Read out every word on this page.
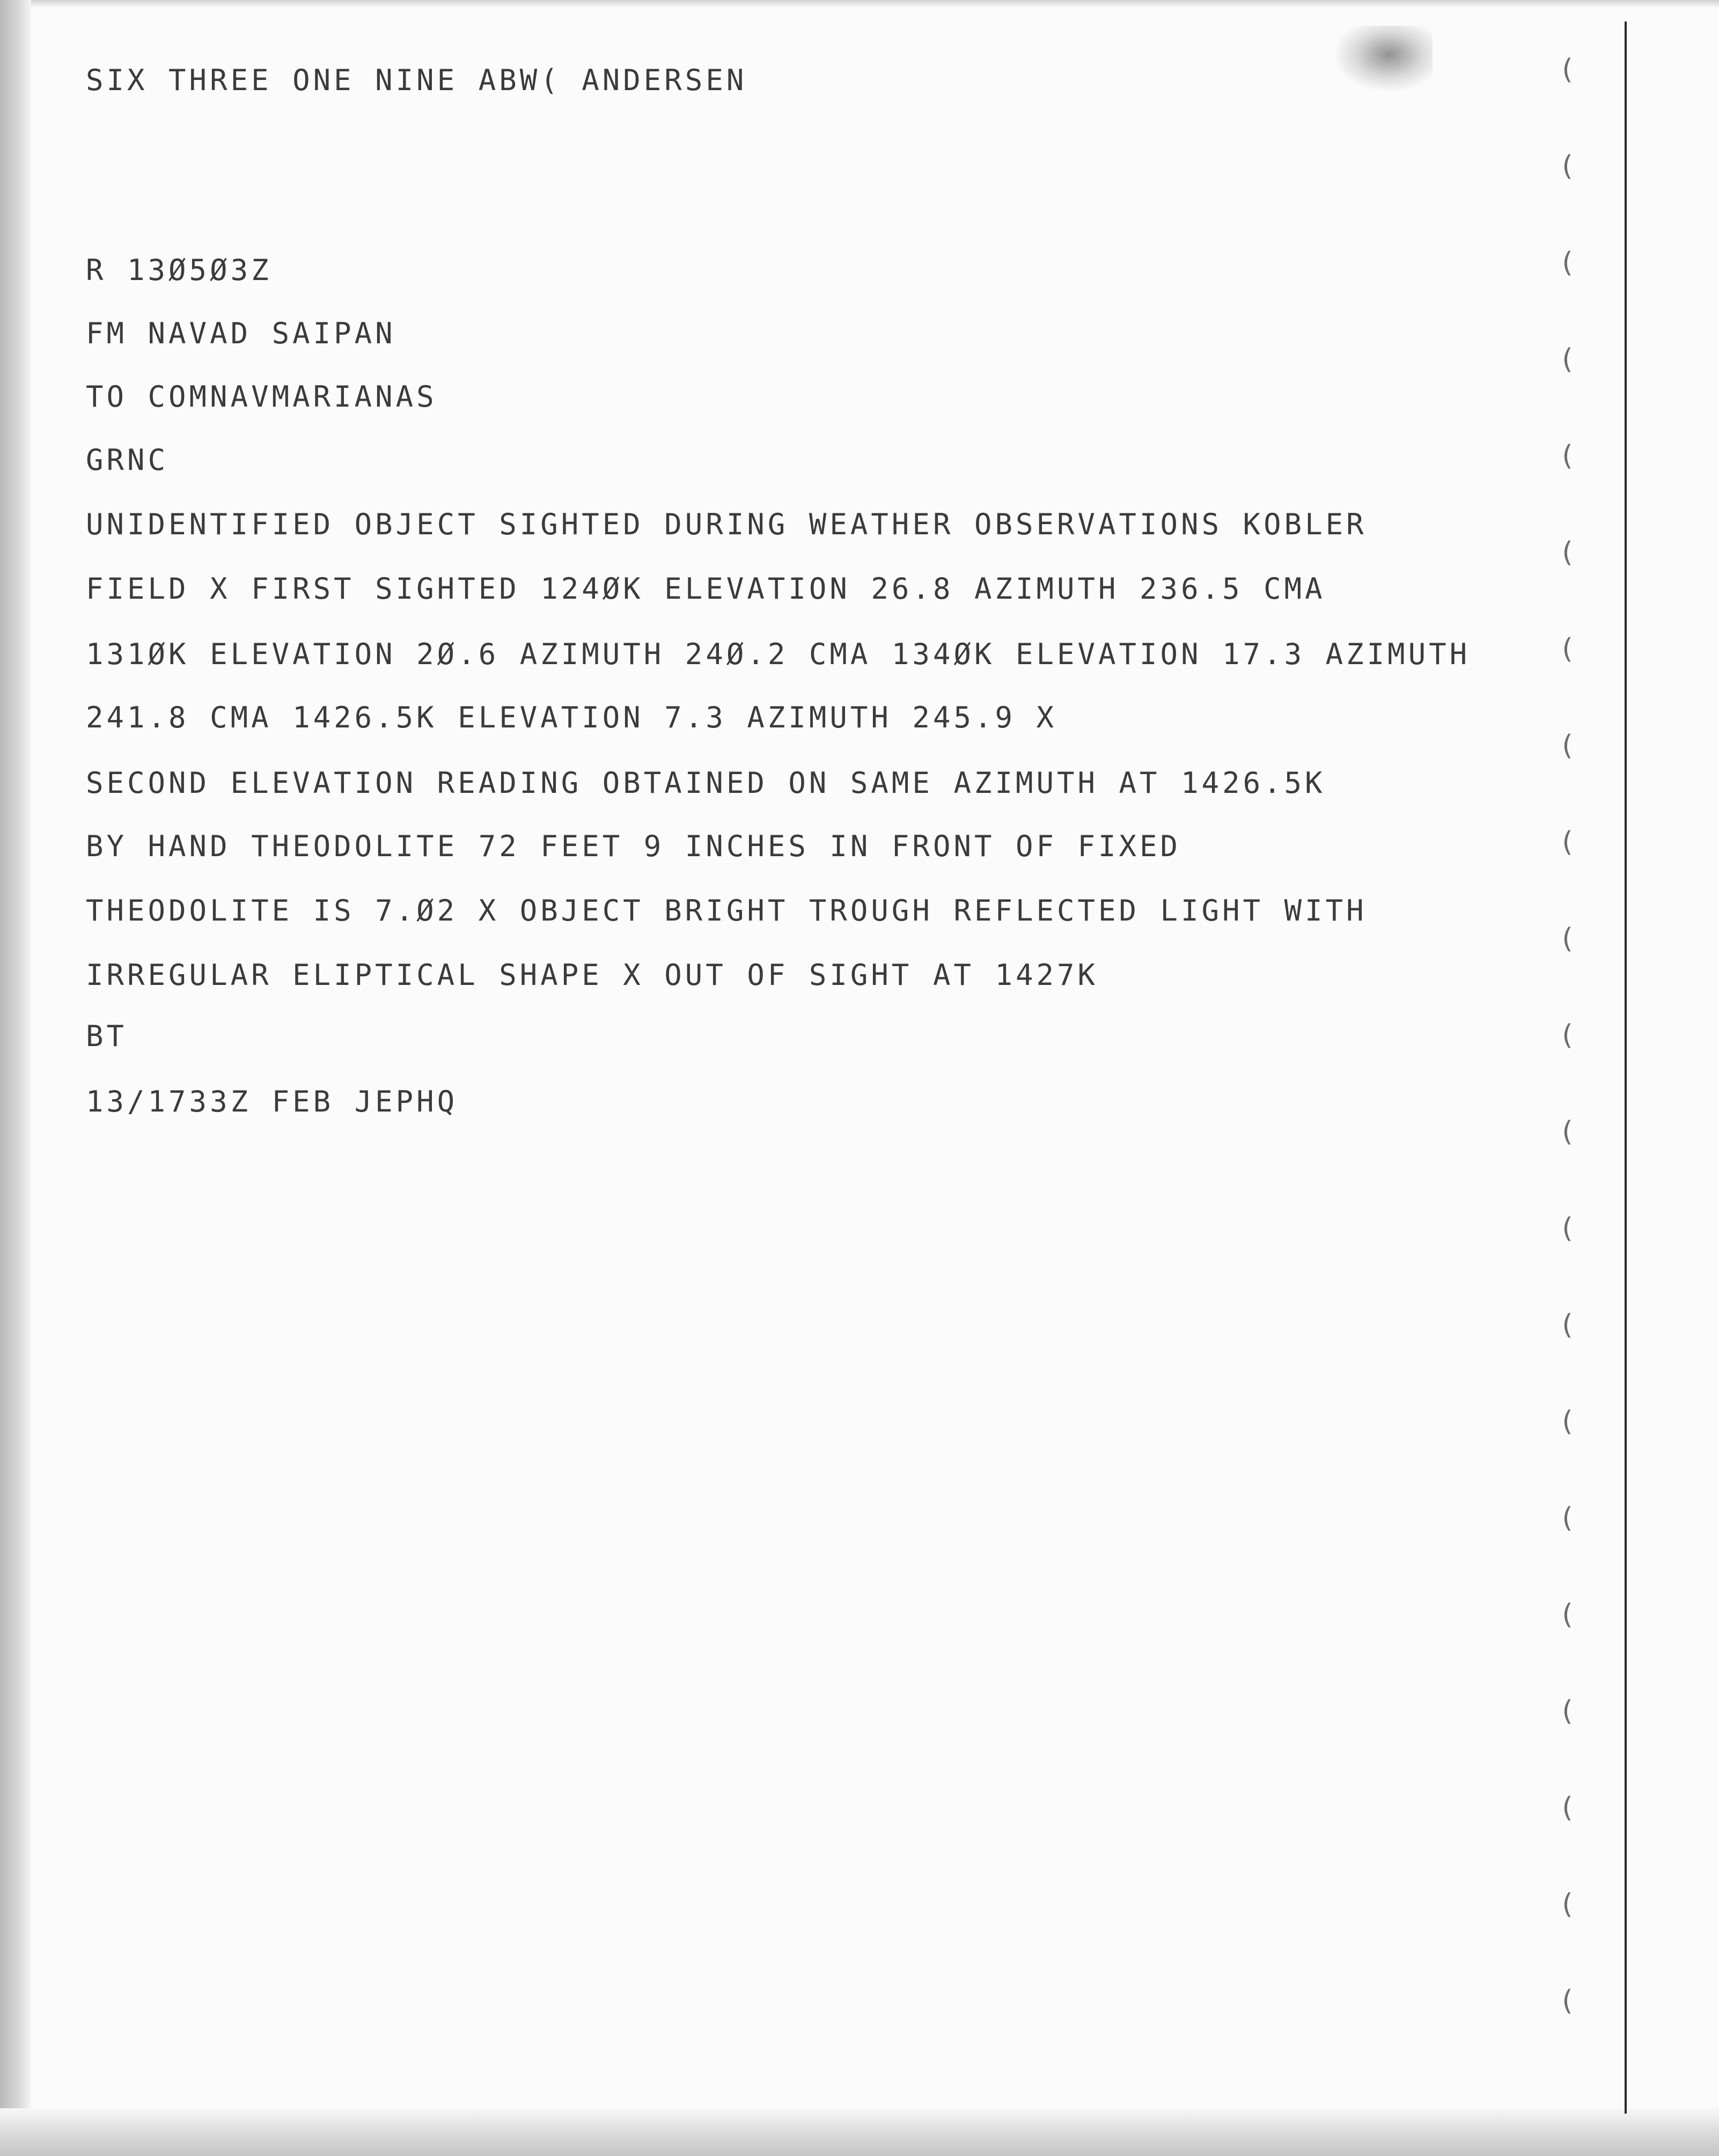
(
(
(
(
(
(
(
(
(
(
(
(
(
(
(
(
(
(
(
(
(
SIX THREE ONE NINE ABW( ANDERSEN
R 13Ø5Ø3Z
FM NAVAD SAIPAN
TO COMNAVMARIANAS
GRNC
UNIDENTIFIED OBJECT SIGHTED DURING WEATHER OBSERVATIONS KOBLER
FIELD X FIRST SIGHTED 124ØK ELEVATION 26.8 AZIMUTH 236.5 CMA
131ØK ELEVATION 2Ø.6 AZIMUTH 24Ø.2 CMA 134ØK ELEVATION 17.3 AZIMUTH
241.8 CMA 1426.5K ELEVATION 7.3 AZIMUTH 245.9 X
SECOND ELEVATION READING OBTAINED ON SAME AZIMUTH AT 1426.5K
BY HAND THEODOLITE 72 FEET 9 INCHES IN FRONT OF FIXED
THEODOLITE IS 7.Ø2 X OBJECT BRIGHT TROUGH REFLECTED LIGHT WITH
IRREGULAR ELIPTICAL SHAPE X OUT OF SIGHT AT 1427K
BT
13/1733Z FEB JEPHQ
